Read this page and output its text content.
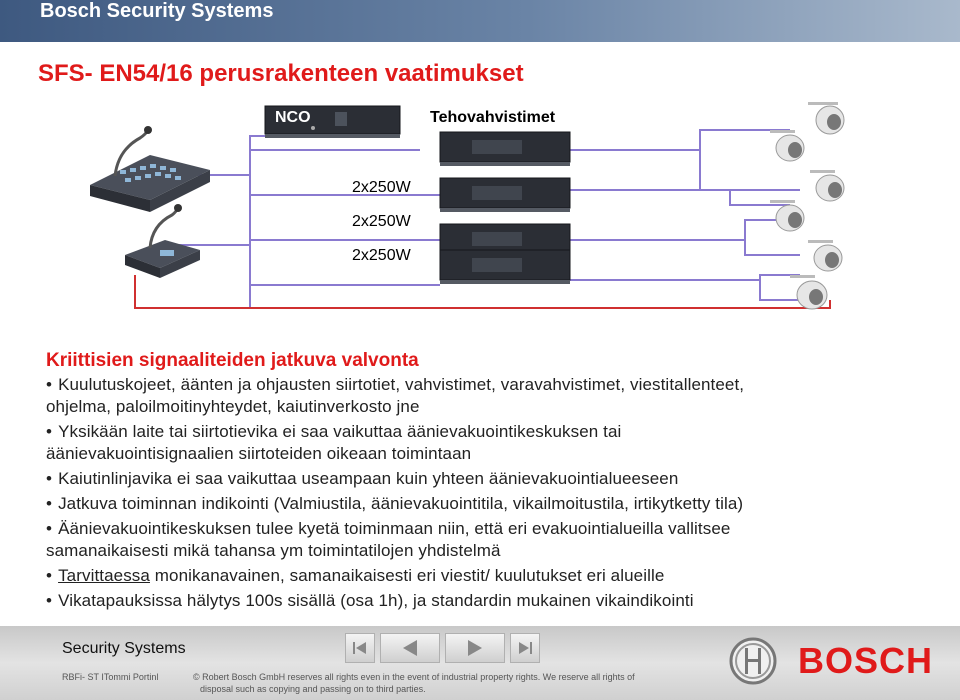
Bosch Security Systems
SFS- EN54/16 perusrakenteen vaatimukset
NCO	Tehovahvistimet
2x250W
2x250W
2x250W
Kriittisien signaaliteiden jatkuva valvonta
• Kuulutuskojeet, äänten ja ohjausten siirtotiet, vahvistimet, varavahvistimet, viestitallenteet,
ohjelma, paloilmoitinyhteydet, kaiutinverkosto jne
• Yksikään laite tai siirtotievika ei saa vaikuttaa äänievakuointikeskuksen tai
äänievakuointisignaalien siirtoteiden oikeaan toimintaan
• Kaiutinlinjavika ei saa vaikuttaa useampaan kuin yhteen äänievakuointialueeseen
• Jatkuva toiminnan indikointi (Valmiustila, äänievakuointitila, vikailmoitustila, irtikytketty tila)
• Äänievakuointikeskuksen tulee kyetä toiminmaan niin, että eri evakuointialueilla vallitsee
samanaikaisesti mikä tahansa ym toimintatilojen yhdistelmä
• Tarvittaessa monikanavainen, samanaikaisesti eri viestit/ kuulutukset eri alueille
• Vikatapauksissa hälytys 100s sisällä (osa 1h), ja standardin mukainen vikaindikointi
Security Systems
RBFi- ST ITommi Portinl	© Robert Bosch GmbH reserves all rights even in the event of industrial property rights. We reserve all rights of
disposal such as copying and passing on to third parties.
BOSCH
